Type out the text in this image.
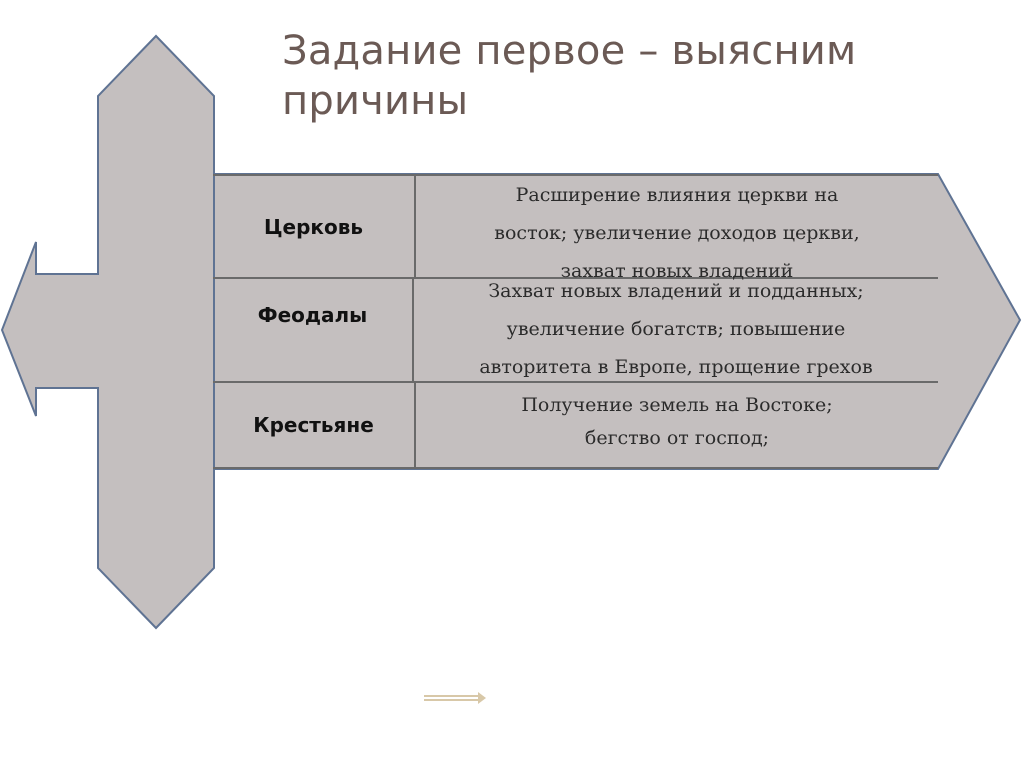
Задание первое – выясним
причины
Церковь
Расширение влияния церкви на
восток; увеличение доходов церкви,
захват новых владений
Феодалы
Захват новых владений и подданных;
увеличение богатств; повышение
авторитета в Европе, прощение грехов
Крестьяне
Получение земель на Востоке;
бегство от господ;
